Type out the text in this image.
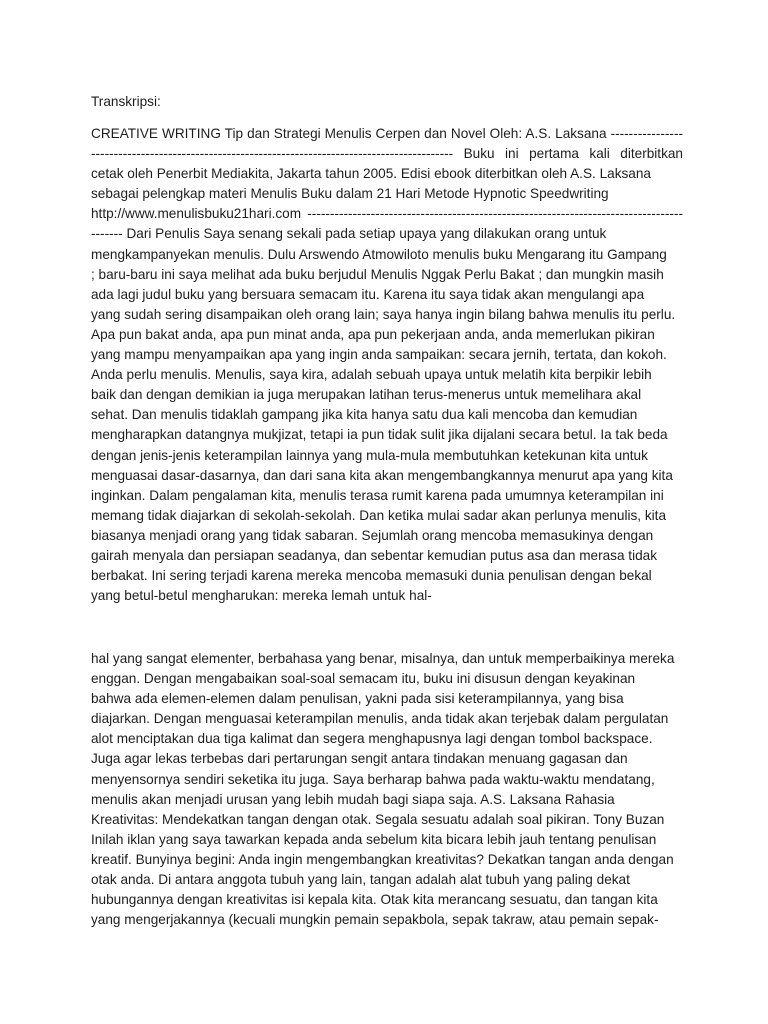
Transkripsi:
CREATIVE WRITING Tip dan Strategi Menulis Cerpen dan Novel Oleh: A.S. Laksana ----------------
-------------------------------------------------------------------------------- Buku ini pertama kali diterbitkan
cetak oleh Penerbit Mediakita, Jakarta tahun 2005. Edisi ebook diterbitkan oleh A.S. Laksana
sebagai pelengkap materi Menulis Buku dalam 21 Hari Metode Hypnotic Speedwriting
http://www.menulisbuku21hari.com -----------------------------------------------------------------------------------
------- Dari Penulis Saya senang sekali pada setiap upaya yang dilakukan orang untuk
mengkampanyekan menulis. Dulu Arswendo Atmowiloto menulis buku Mengarang itu Gampang
; baru-baru ini saya melihat ada buku berjudul Menulis Nggak Perlu Bakat ; dan mungkin masih
ada lagi judul buku yang bersuara semacam itu. Karena itu saya tidak akan mengulangi apa
yang sudah sering disampaikan oleh orang lain; saya hanya ingin bilang bahwa menulis itu perlu.
Apa pun bakat anda, apa pun minat anda, apa pun pekerjaan anda, anda memerlukan pikiran
yang mampu menyampaikan apa yang ingin anda sampaikan: secara jernih, tertata, dan kokoh.
Anda perlu menulis. Menulis, saya kira, adalah sebuah upaya untuk melatih kita berpikir lebih
baik dan dengan demikian ia juga merupakan latihan terus-menerus untuk memelihara akal
sehat. Dan menulis tidaklah gampang jika kita hanya satu dua kali mencoba dan kemudian
mengharapkan datangnya mukjizat, tetapi ia pun tidak sulit jika dijalani secara betul. Ia tak beda
dengan jenis-jenis keterampilan lainnya yang mula-mula membutuhkan ketekunan kita untuk
menguasai dasar-dasarnya, dan dari sana kita akan mengembangkannya menurut apa yang kita
inginkan. Dalam pengalaman kita, menulis terasa rumit karena pada umumnya keterampilan ini
memang tidak diajarkan di sekolah-sekolah. Dan ketika mulai sadar akan perlunya menulis, kita
biasanya menjadi orang yang tidak sabaran. Sejumlah orang mencoba memasukinya dengan
gairah menyala dan persiapan seadanya, dan sebentar kemudian putus asa dan merasa tidak
berbakat. Ini sering terjadi karena mereka mencoba memasuki dunia penulisan dengan bekal
yang betul-betul mengharukan: mereka lemah untuk hal-
hal yang sangat elementer, berbahasa yang benar, misalnya, dan untuk memperbaikinya mereka
enggan. Dengan mengabaikan soal-soal semacam itu, buku ini disusun dengan keyakinan
bahwa ada elemen-elemen dalam penulisan, yakni pada sisi keterampilannya, yang bisa
diajarkan. Dengan menguasai keterampilan menulis, anda tidak akan terjebak dalam pergulatan
alot menciptakan dua tiga kalimat dan segera menghapusnya lagi dengan tombol backspace.
Juga agar lekas terbebas dari pertarungan sengit antara tindakan menuang gagasan dan
menyensornya sendiri seketika itu juga. Saya berharap bahwa pada waktu-waktu mendatang,
menulis akan menjadi urusan yang lebih mudah bagi siapa saja. A.S. Laksana Rahasia
Kreativitas: Mendekatkan tangan dengan otak. Segala sesuatu adalah soal pikiran. Tony Buzan
Inilah iklan yang saya tawarkan kepada anda sebelum kita bicara lebih jauh tentang penulisan
kreatif. Bunyinya begini: Anda ingin mengembangkan kreativitas? Dekatkan tangan anda dengan
otak anda. Di antara anggota tubuh yang lain, tangan adalah alat tubuh yang paling dekat
hubungannya dengan kreativitas isi kepala kita. Otak kita merancang sesuatu, dan tangan kita
yang mengerjakannya (kecuali mungkin pemain sepakbola, sepak takraw, atau pemain sepak-
